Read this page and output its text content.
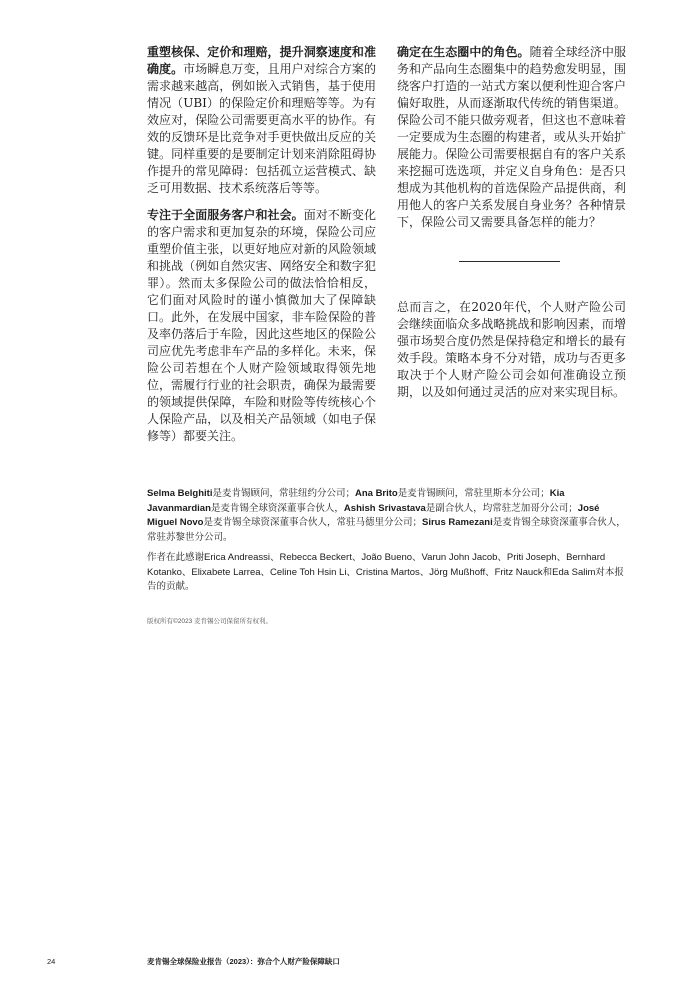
重塑核保、定价和理赔，提升洞察速度和准确度。市场瞬息万变，且用户对综合方案的需求越来越高，例如嵌入式销售，基于使用情况（UBI）的保险定价和理赔等等。为有效应对，保险公司需要更高水平的协作。有效的反馈环是比竞争对手更快做出反应的关键。同样重要的是要制定计划来消除阻碍协作提升的常见障碍：包括孤立运营模式、缺乏可用数据、技术系统落后等等。

专注于全面服务客户和社会。面对不断变化的客户需求和更加复杂的环境，保险公司应重塑价值主张，以更好地应对新的风险领域和挑战（例如自然灾害、网络安全和数字犯罪）。然而太多保险公司的做法恰恰相反，它们面对风险时的谨小慎微加大了保障缺口。此外，在发展中国家，非车险保险的普及率仍落后于车险，因此这些地区的保险公司应优先考虑非车产品的多样化。未来，保险公司若想在个人财产险领域取得领先地位，需履行行业的社会职责，确保为最需要的领域提供保障，车险和财险等传统核心个人保险产品，以及相关产品领域（如电子保修等）都要关注。

确定在生态圈中的角色。随着全球经济中服务和产品向生态圈集中的趋势愈发明显，围绕客户打造的一站式方案以便利性迎合客户偏好取胜，从而逐渐取代传统的销售渠道。保险公司不能只做旁观者，但这也不意味着一定要成为生态圈的构建者，或从头开始扩展能力。保险公司需要根据自有的客户关系来挖掘可选选项，并定义自身角色：是否只想成为其他机构的首选保险产品提供商，利用他人的客户关系发展自身业务？各种情景下，保险公司又需要具备怎样的能力？

总而言之，在2020年代，个人财产险公司会继续面临众多战略挑战和影响因素，而增强市场契合度仍然是保持稳定和增长的最有效手段。策略本身不分对错，成功与否更多取决于个人财产险公司会如何准确设立预期，以及如何通过灵活的应对来实现目标。

Selma Belghiti是麦肯锡顾问，常驻纽约分公司；Ana Brito是麦肯锡顾问，常驻里斯本分公司；Kia Javanmardian是麦肯锡全球资深董事合伙人，Ashish Srivastava是副合伙人，均常驻芝加哥分公司；José Miguel Novo是麦肯锡全球资深董事合伙人，常驻马德里分公司；Sirus Ramezani是麦肯锡全球资深董事合伙人，常驻苏黎世分公司。

作者在此感谢Erica Andreassi、Rebecca Beckert、João Bueno、Varun John Jacob、Priti Joseph、Bernhard Kotanko、Elixabete Larrea、Celine Toh Hsin Li、Cristina Martos、Jörg Mußhoff、Fritz Nauck和Eda Salim对本报告的贡献。

版权所有©2023 麦肯锡公司保留所有权利。
24	麦肯锡全球保险业报告（2023）：弥合个人财产险保障缺口
